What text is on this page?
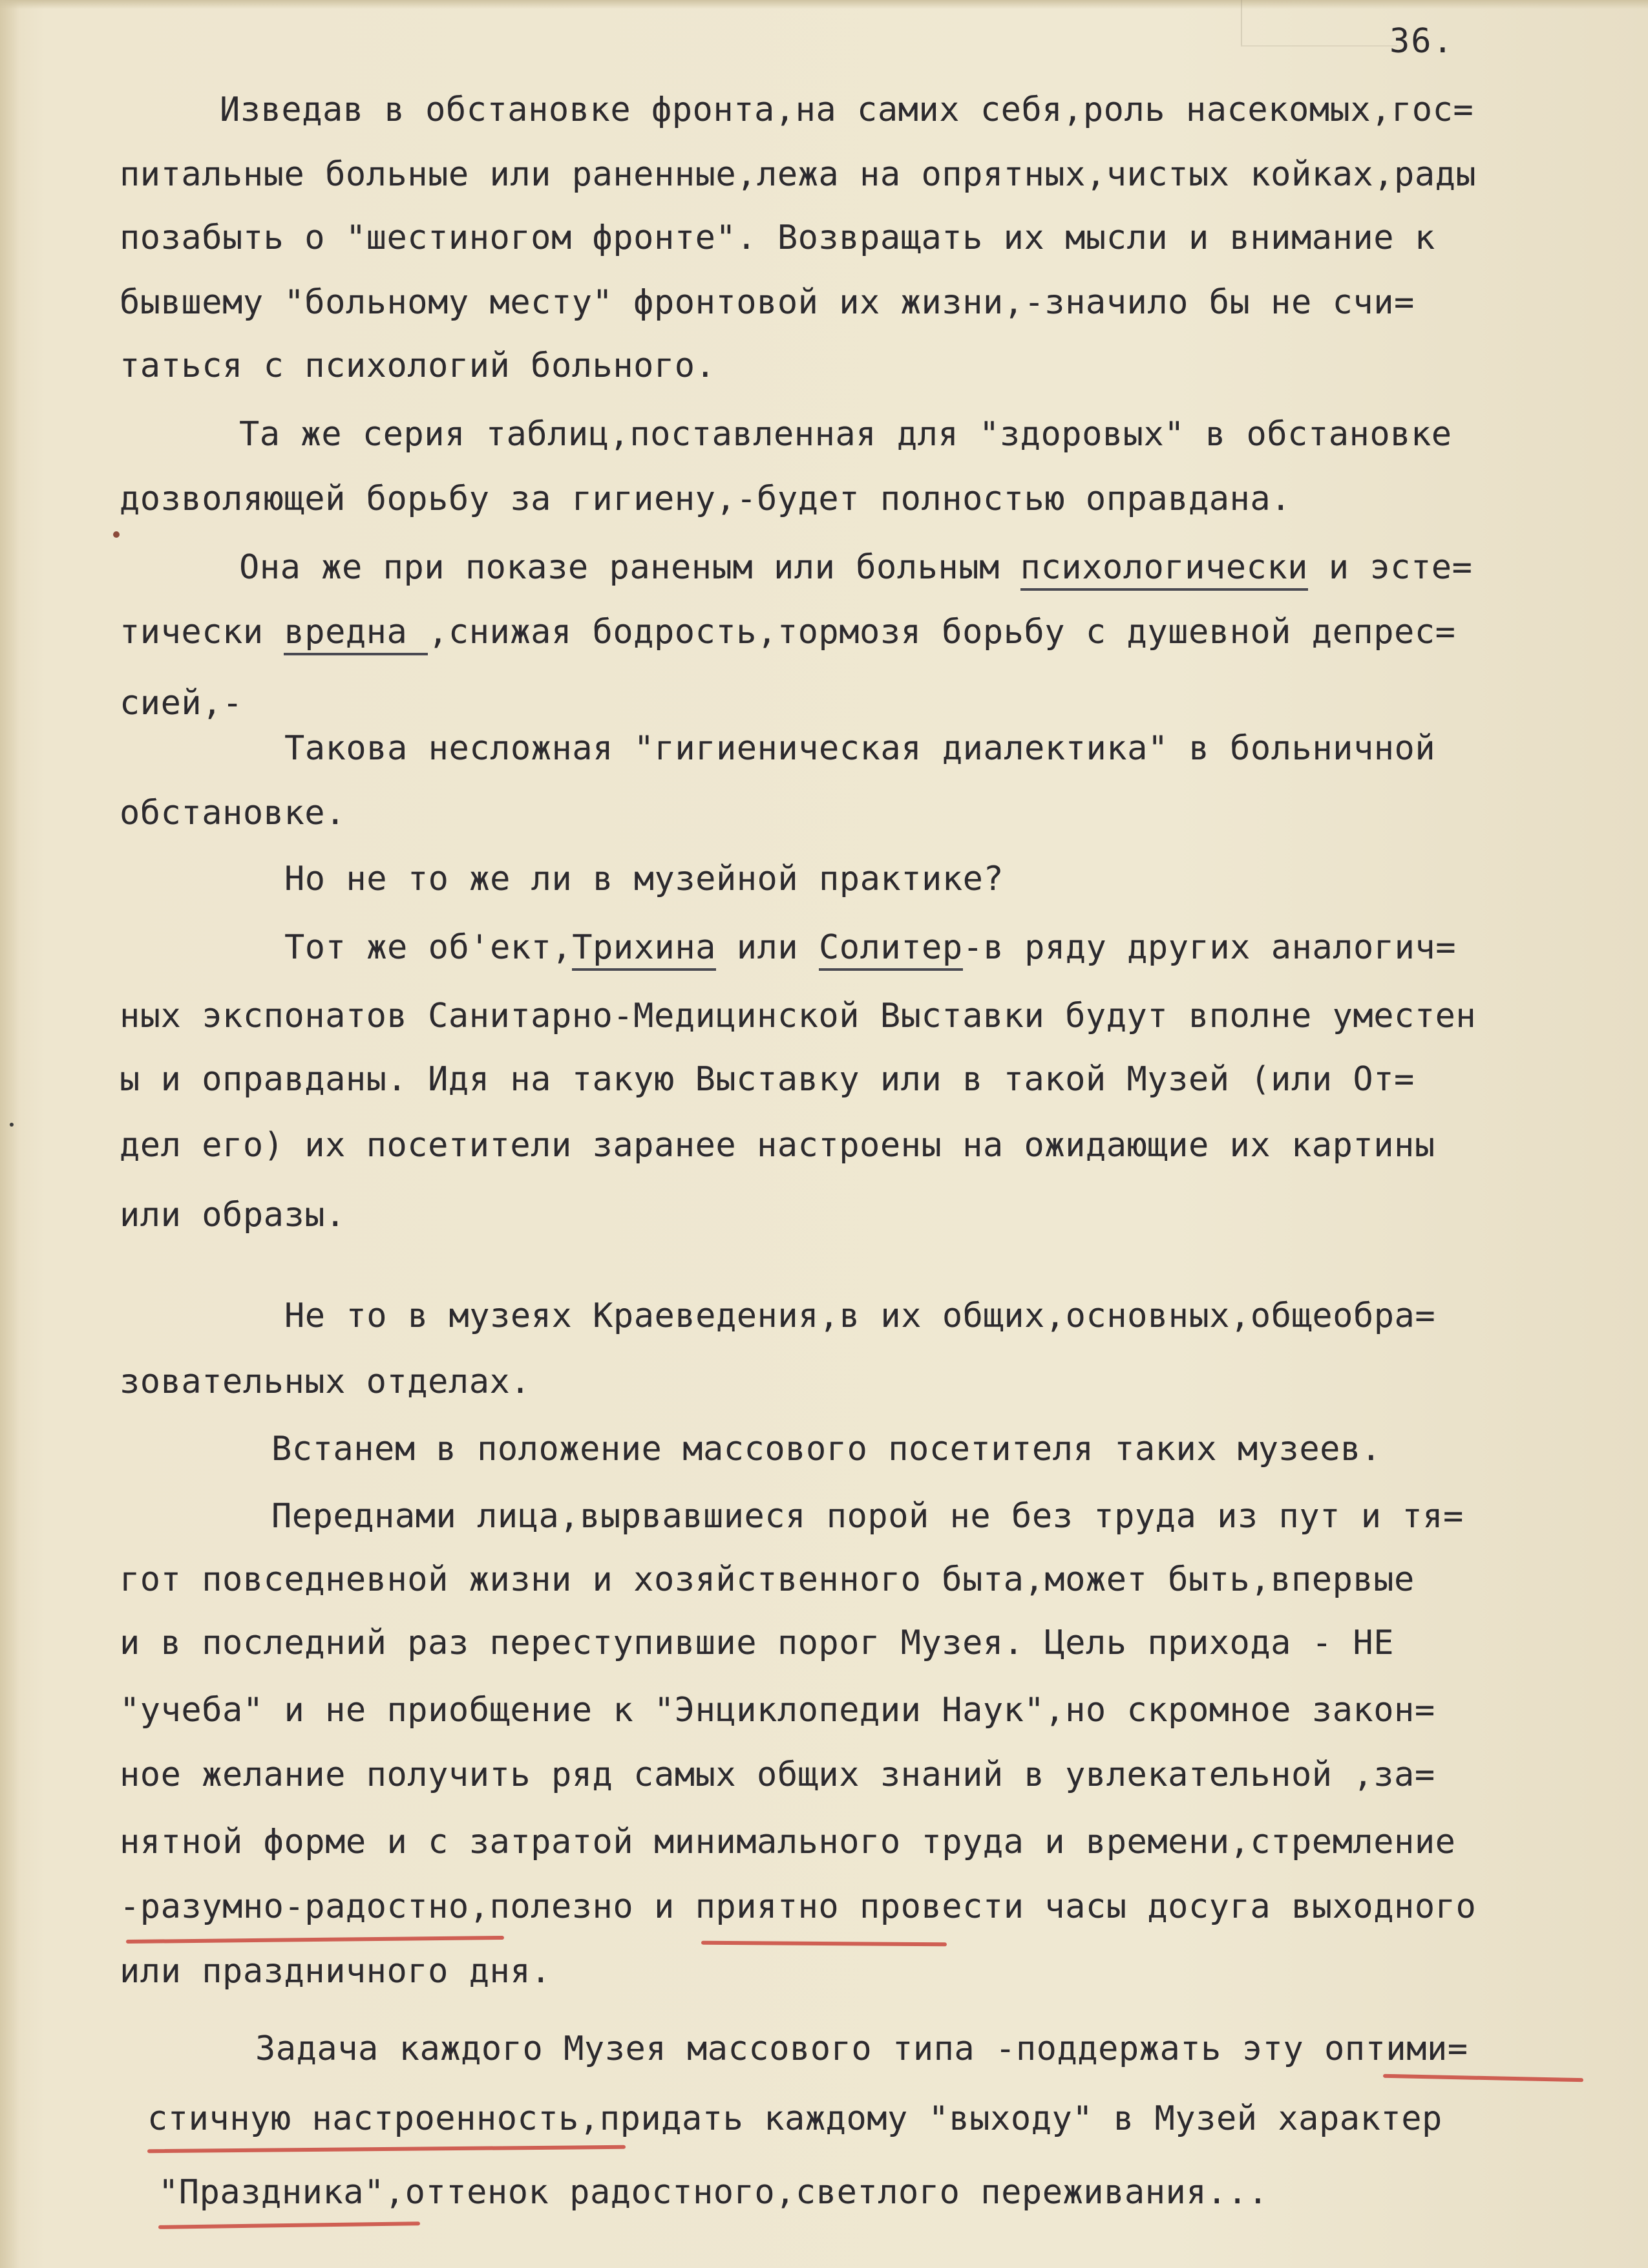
36.
Изведав в обстановке фронта,на самих себя,роль насекомых,гос=
питальные больные или раненные,лежа на опрятных,чистых койках,рады
позабыть о "шестиногом фронте". Возвращать их мысли и внимание к
бывшему "больному месту" фронтовой их жизни,-значило бы не счи=
таться с психологий больного.
Та же серия таблиц,поставленная для "здоровых" в обстановке
дозволяющей борьбу за гигиену,-будет полностью оправдана.
Она же при показе раненым или больным психологически и эсте=
тически вредна ,снижая бодрость,тормозя борьбу с душевной депрес=
сией,-
Такова несложная "гигиеническая диалектика" в больничной
обстановке.
Но не то же ли в музейной практике?
Тот же об'ект,Трихина или Солитер-в ряду других аналогич=
ных экспонатов Санитарно-Медицинской Выставки будут вполне уместен
ы и оправданы. Идя на такую Выставку или в такой Музей (или От=
дел его) их посетители заранее настроены на ожидающие их картины
или образы.
Не то в музеях Краеведения,в их общих,основных,общеобра=
зовательных отделах.
Встанем в положение массового посетителя таких музеев.
Переднами лица,вырвавшиеся порой не без труда из пут и тя=
гот повседневной жизни и хозяйственного быта,может быть,впервые
и в последний раз переступившие порог Музея. Цель прихода - НЕ
"учеба" и не приобщение к "Энциклопедии Наук",но скромное закон=
ное желание получить ряд самых общих знаний в увлекательной ,за=
нятной форме и с затратой минимального труда и времени,стремление
-разумно-радостно,полезно и приятно провести часы досуга выходного
или праздничного дня.
Задача каждого Музея массового типа -поддержать эту оптими=
стичную настроенность,придать каждому "выходу" в Музей характер
"Праздника",оттенок радостного,светлого переживания...
